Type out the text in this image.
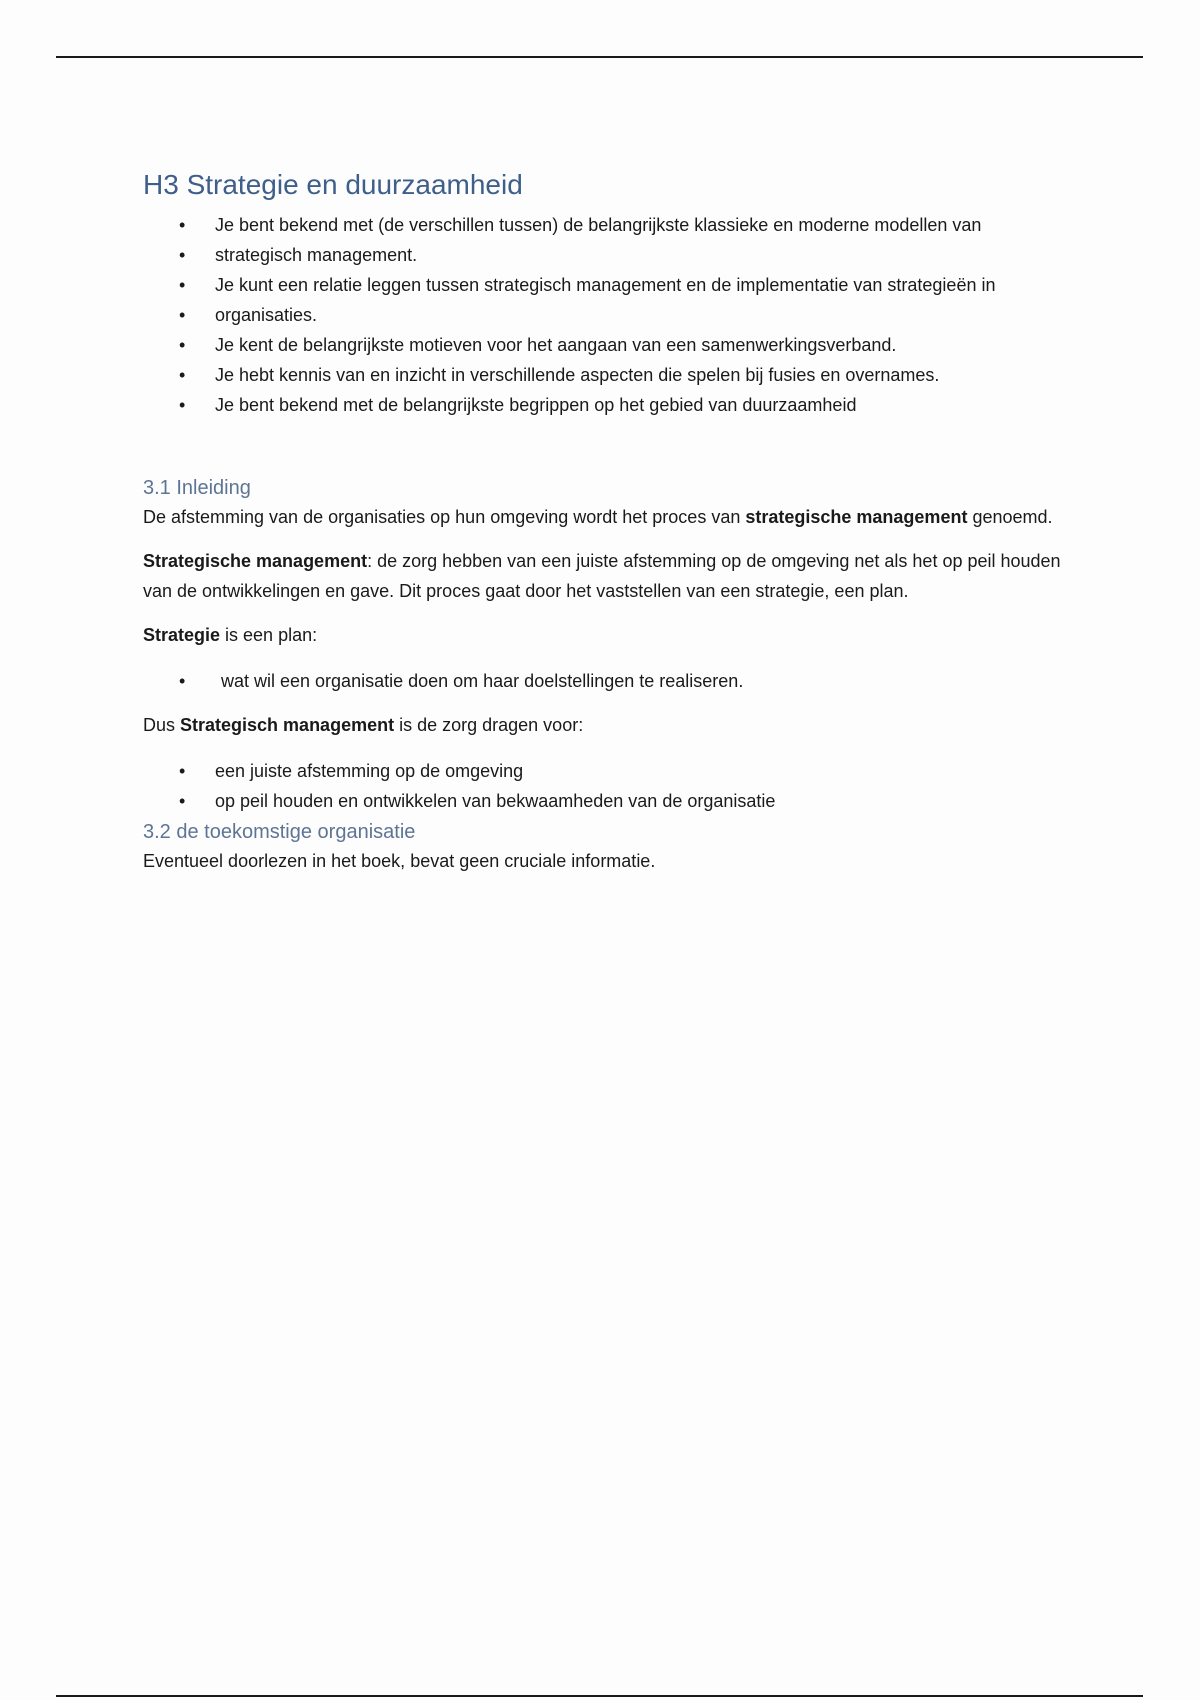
H3 Strategie en duurzaamheid
• Je bent bekend met (de verschillen tussen) de belangrijkste klassieke en moderne modellen van
• strategisch management.
• Je kunt een relatie leggen tussen strategisch management en de implementatie van strategieën in
• organisaties.
• Je kent de belangrijkste motieven voor het aangaan van een samenwerkingsverband.
• Je hebt kennis van en inzicht in verschillende aspecten die spelen bij fusies en overnames.
• Je bent bekend met de belangrijkste begrippen op het gebied van duurzaamheid
3.1 Inleiding

De afstemming van de organisaties op hun omgeving wordt het proces van strategische management genoemd.

Strategische management: de zorg hebben van een juiste afstemming op de omgeving net als het op peil houden van de ontwikkelingen en gave. Dit proces gaat door het vaststellen van een strategie, een plan.

Strategie is een plan:

• wat wil een organisatie doen om haar doelstellingen te realiseren.

Dus Strategisch management is de zorg dragen voor:

• een juiste afstemming op de omgeving
• op peil houden en ontwikkelen van bekwaamheden van de organisatie
3.2 de toekomstige organisatie

Eventueel doorlezen in het boek, bevat geen cruciale informatie.
